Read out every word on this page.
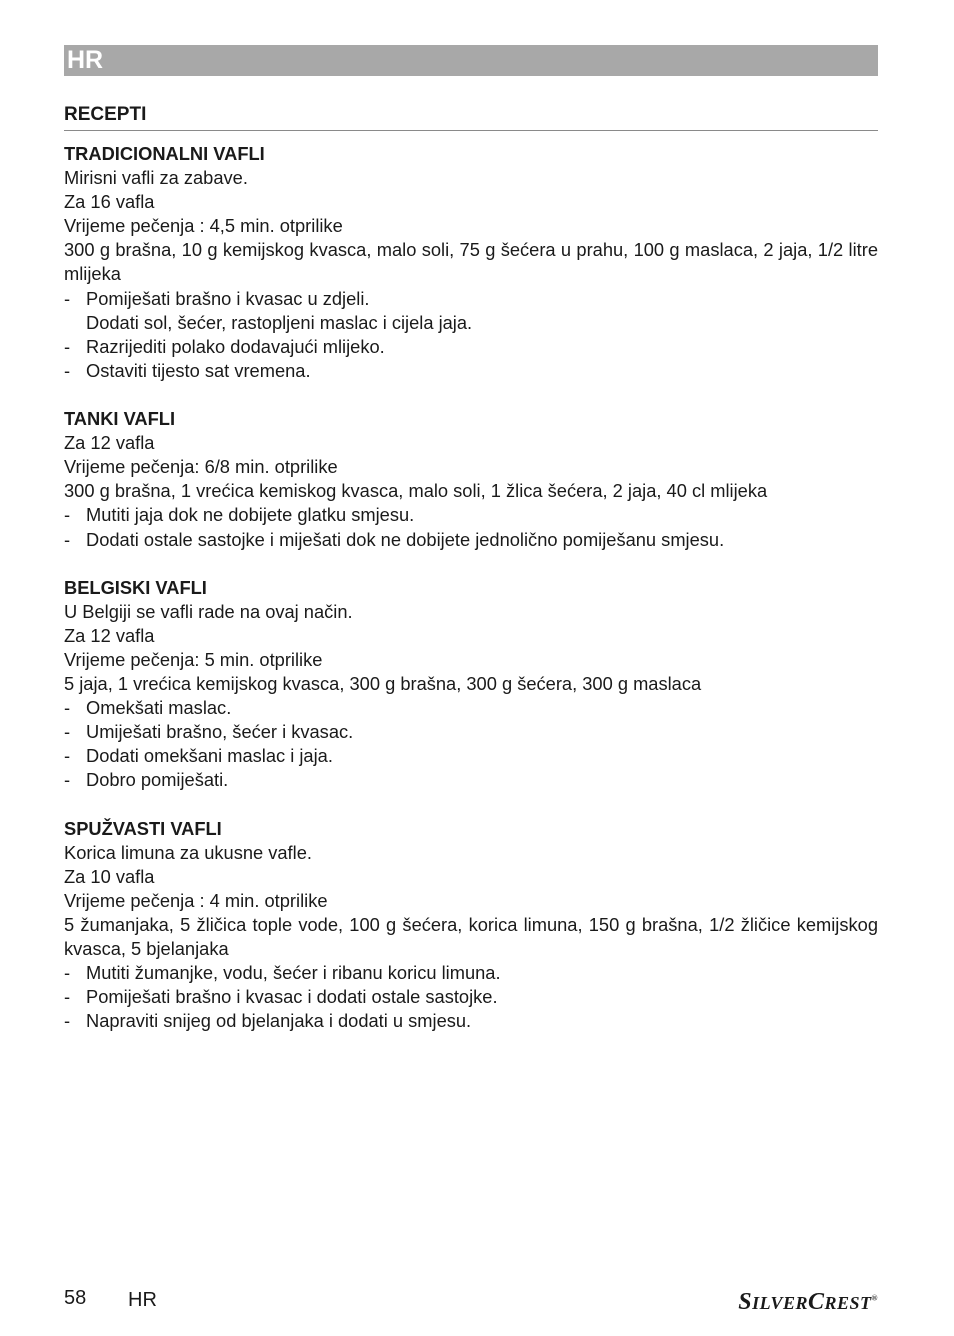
HR
RECEPTI
TRADICIONALNI VAFLI
Mirisni vafli za zabave.
Za 16 vafla
Vrijeme pečenja : 4,5 min. otprilike
300 g brašna, 10 g kemijskog kvasca, malo soli, 75 g šećera u prahu, 100 g maslaca, 2 jaja, 1/2 litre mlijeka
- Pomiješati brašno i kvasac u zdjeli.
Dodati sol, šećer, rastopljeni maslac i cijela jaja.
- Razrijediti polako dodavajući mlijeko.
- Ostaviti tijesto sat vremena.
TANKI VAFLI
Za 12 vafla
Vrijeme pečenja: 6/8 min. otprilike
300 g brašna, 1 vrećica kemiskog kvasca, malo soli, 1 žlica šećera, 2 jaja, 40 cl mlijeka
- Mutiti jaja dok ne dobijete glatku smjesu.
- Dodati ostale sastojke i miješati dok ne dobijete jednolično pomiješanu smjesu.
BELGISKI VAFLI
U Belgiji se vafli rade na ovaj način.
Za 12 vafla
Vrijeme pečenja: 5 min. otprilike
5 jaja, 1 vrećica kemijskog kvasca, 300 g brašna, 300 g šećera, 300 g maslaca
- Omekšati maslac.
- Umiješati brašno, šećer i kvasac.
- Dodati omekšani maslac i jaja.
- Dobro pomiješati.
SPUŽVASTI VAFLI
Korica limuna za ukusne vafle.
Za 10 vafla
Vrijeme pečenja : 4 min. otprilike
5 žumanjaka, 5 žličica tople vode, 100 g šećera, korica limuna, 150 g brašna, 1/2 žličice kemijskog kvasca, 5 bjelanjaka
- Mutiti žumanjke, vodu, šećer i ribanu koricu limuna.
- Pomiješati brašno i kvasac i dodati ostale sastojke.
- Napraviti snijeg od bjelanjaka i dodati u smjesu.
58 HR	SILVERCREST®
